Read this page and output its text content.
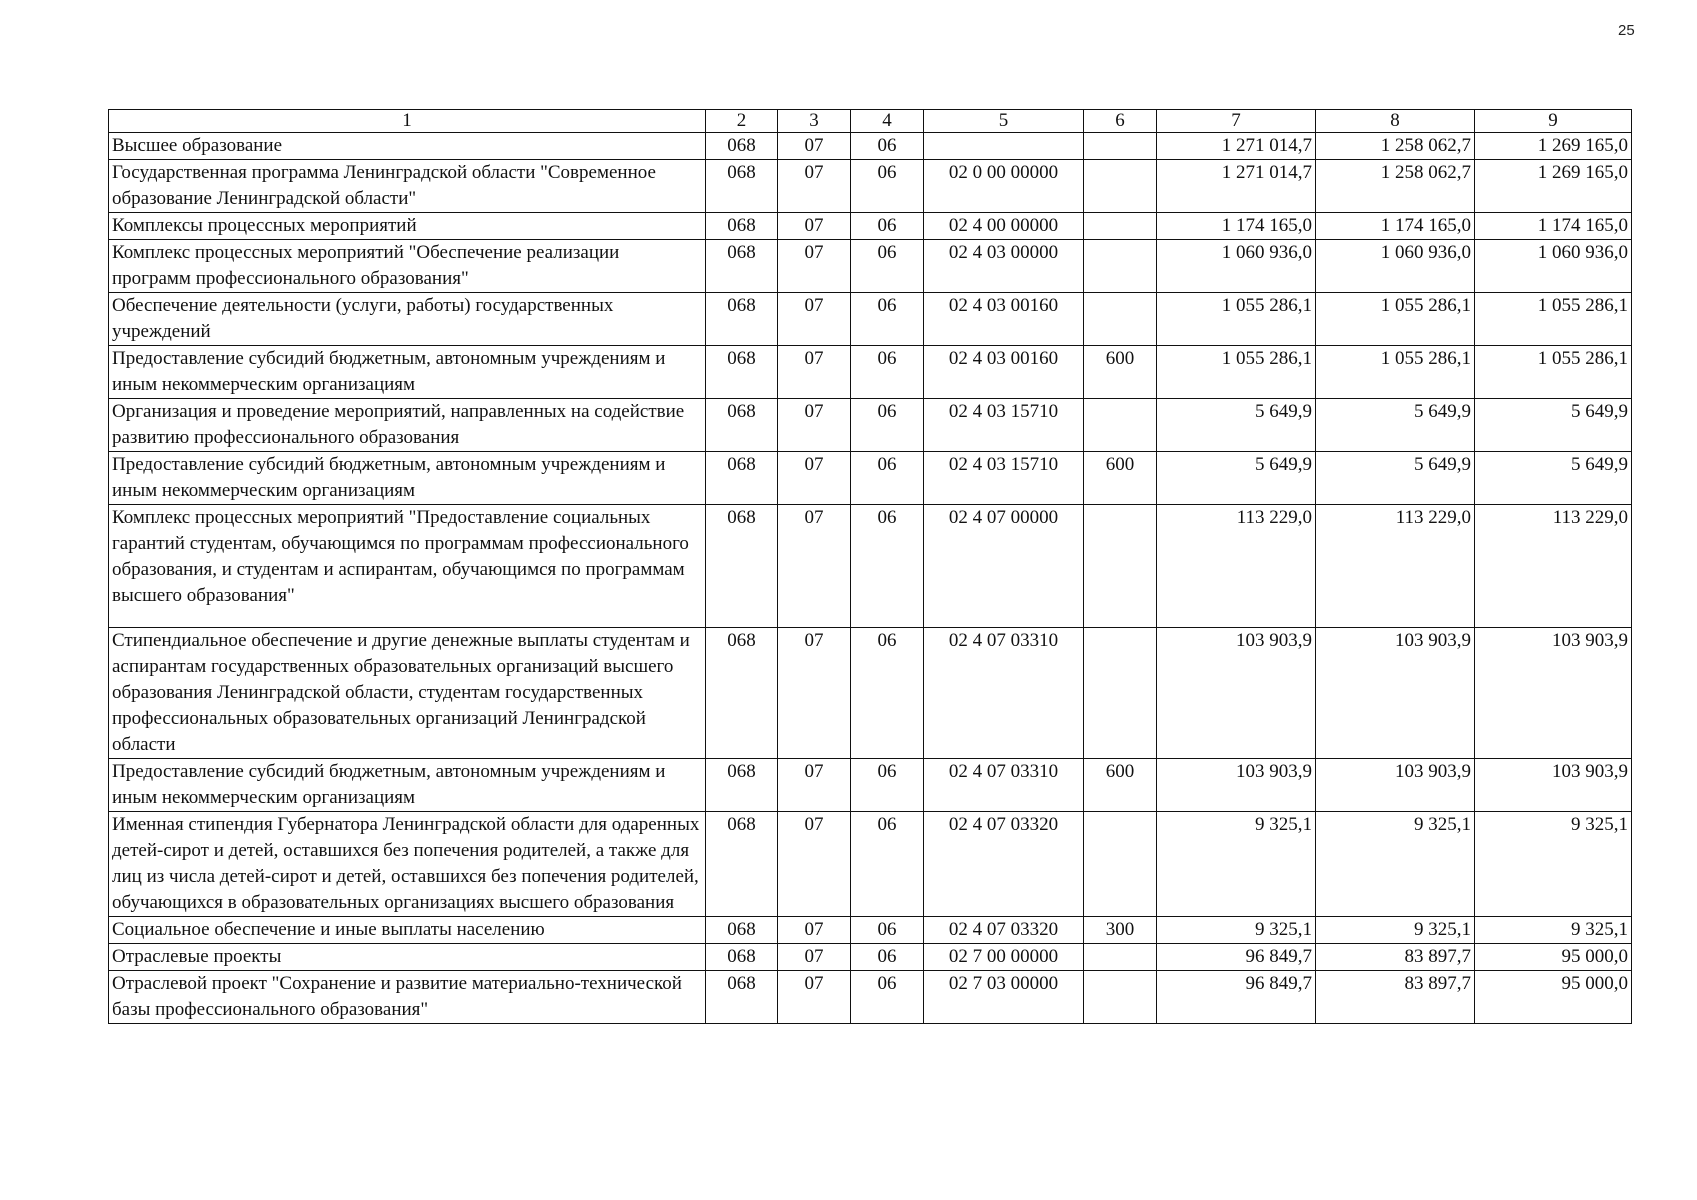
25
1	2	3	4	5	6	7	8	9
Высшее образование	068	07	06			1 271 014,7	1 258 062,7	1 269 165,0
Государственная программа Ленинградской области "Современное образование Ленинградской области"	068	07	06	02 0 00 00000		1 271 014,7	1 258 062,7	1 269 165,0
Комплексы процессных мероприятий	068	07	06	02 4 00 00000		1 174 165,0	1 174 165,0	1 174 165,0
Комплекс процессных мероприятий "Обеспечение реализации программ профессионального образования"	068	07	06	02 4 03 00000		1 060 936,0	1 060 936,0	1 060 936,0
Обеспечение деятельности (услуги, работы) государственных учреждений	068	07	06	02 4 03 00160		1 055 286,1	1 055 286,1	1 055 286,1
Предоставление субсидий бюджетным, автономным учреждениям и иным некоммерческим организациям	068	07	06	02 4 03 00160	600	1 055 286,1	1 055 286,1	1 055 286,1
Организация и проведение мероприятий, направленных на содействие развитию профессионального образования	068	07	06	02 4 03 15710		5 649,9	5 649,9	5 649,9
Предоставление субсидий бюджетным, автономным учреждениям и иным некоммерческим организациям	068	07	06	02 4 03 15710	600	5 649,9	5 649,9	5 649,9
Комплекс процессных мероприятий "Предоставление социальных гарантий студентам, обучающимся по программам профессионального образования, и студентам и аспирантам, обучающимся по программам высшего образования"	068	07	06	02 4 07 00000		113 229,0	113 229,0	113 229,0
Стипендиальное обеспечение и другие денежные выплаты студентам и аспирантам государственных образовательных организаций высшего образования Ленинградской области, студентам государственных профессиональных образовательных организаций Ленинградской области	068	07	06	02 4 07 03310		103 903,9	103 903,9	103 903,9
Предоставление субсидий бюджетным, автономным учреждениям и иным некоммерческим организациям	068	07	06	02 4 07 03310	600	103 903,9	103 903,9	103 903,9
Именная стипендия Губернатора Ленинградской области для одаренных детей-сирот и детей, оставшихся без попечения родителей, а также для лиц из числа детей-сирот и детей, оставшихся без попечения родителей, обучающихся в образовательных организациях высшего образования	068	07	06	02 4 07 03320		9 325,1	9 325,1	9 325,1
Социальное обеспечение и иные выплаты населению	068	07	06	02 4 07 03320	300	9 325,1	9 325,1	9 325,1
Отраслевые проекты	068	07	06	02 7 00 00000		96 849,7	83 897,7	95 000,0
Отраслевой проект "Сохранение и развитие материально-технической базы профессионального образования"	068	07	06	02 7 03 00000		96 849,7	83 897,7	95 000,0
